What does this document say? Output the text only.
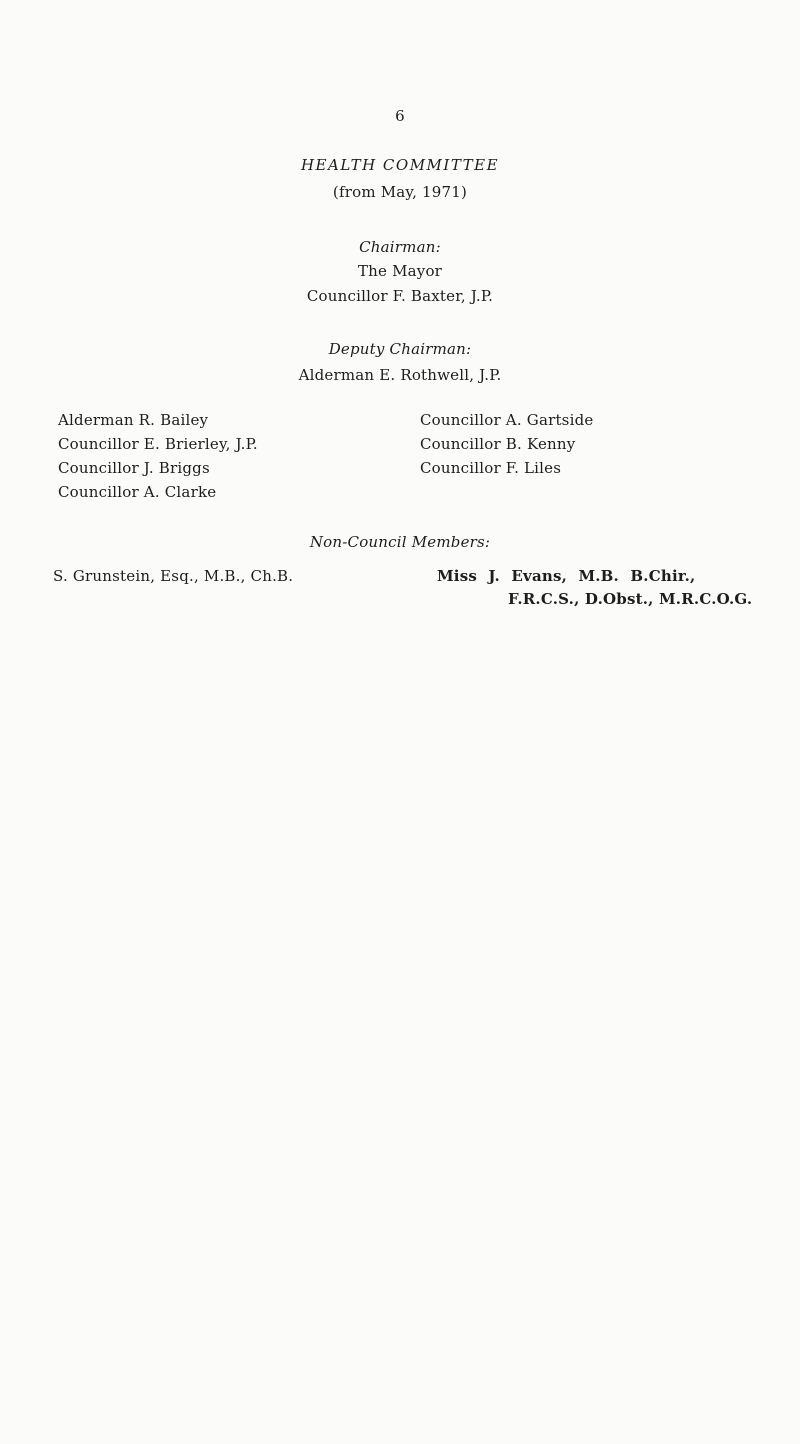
6
HEALTH COMMITTEE
(from May, 1971)
Chairman:
The Mayor
Councillor F. Baxter, J.P.
Deputy Chairman:
Alderman E. Rothwell, J.P.
Alderman R. Bailey
Councillor E. Brierley, J.P.
Councillor J. Briggs
Councillor A. Clarke
Councillor A. Gartside
Councillor B. Kenny
Councillor F. Liles
Non-Council Members:
S. Grunstein, Esq., M.B., Ch.B.	Miss J. Evans, M.B. B.Chir.,
F.R.C.S., D.Obst., M.R.C.O.G.
